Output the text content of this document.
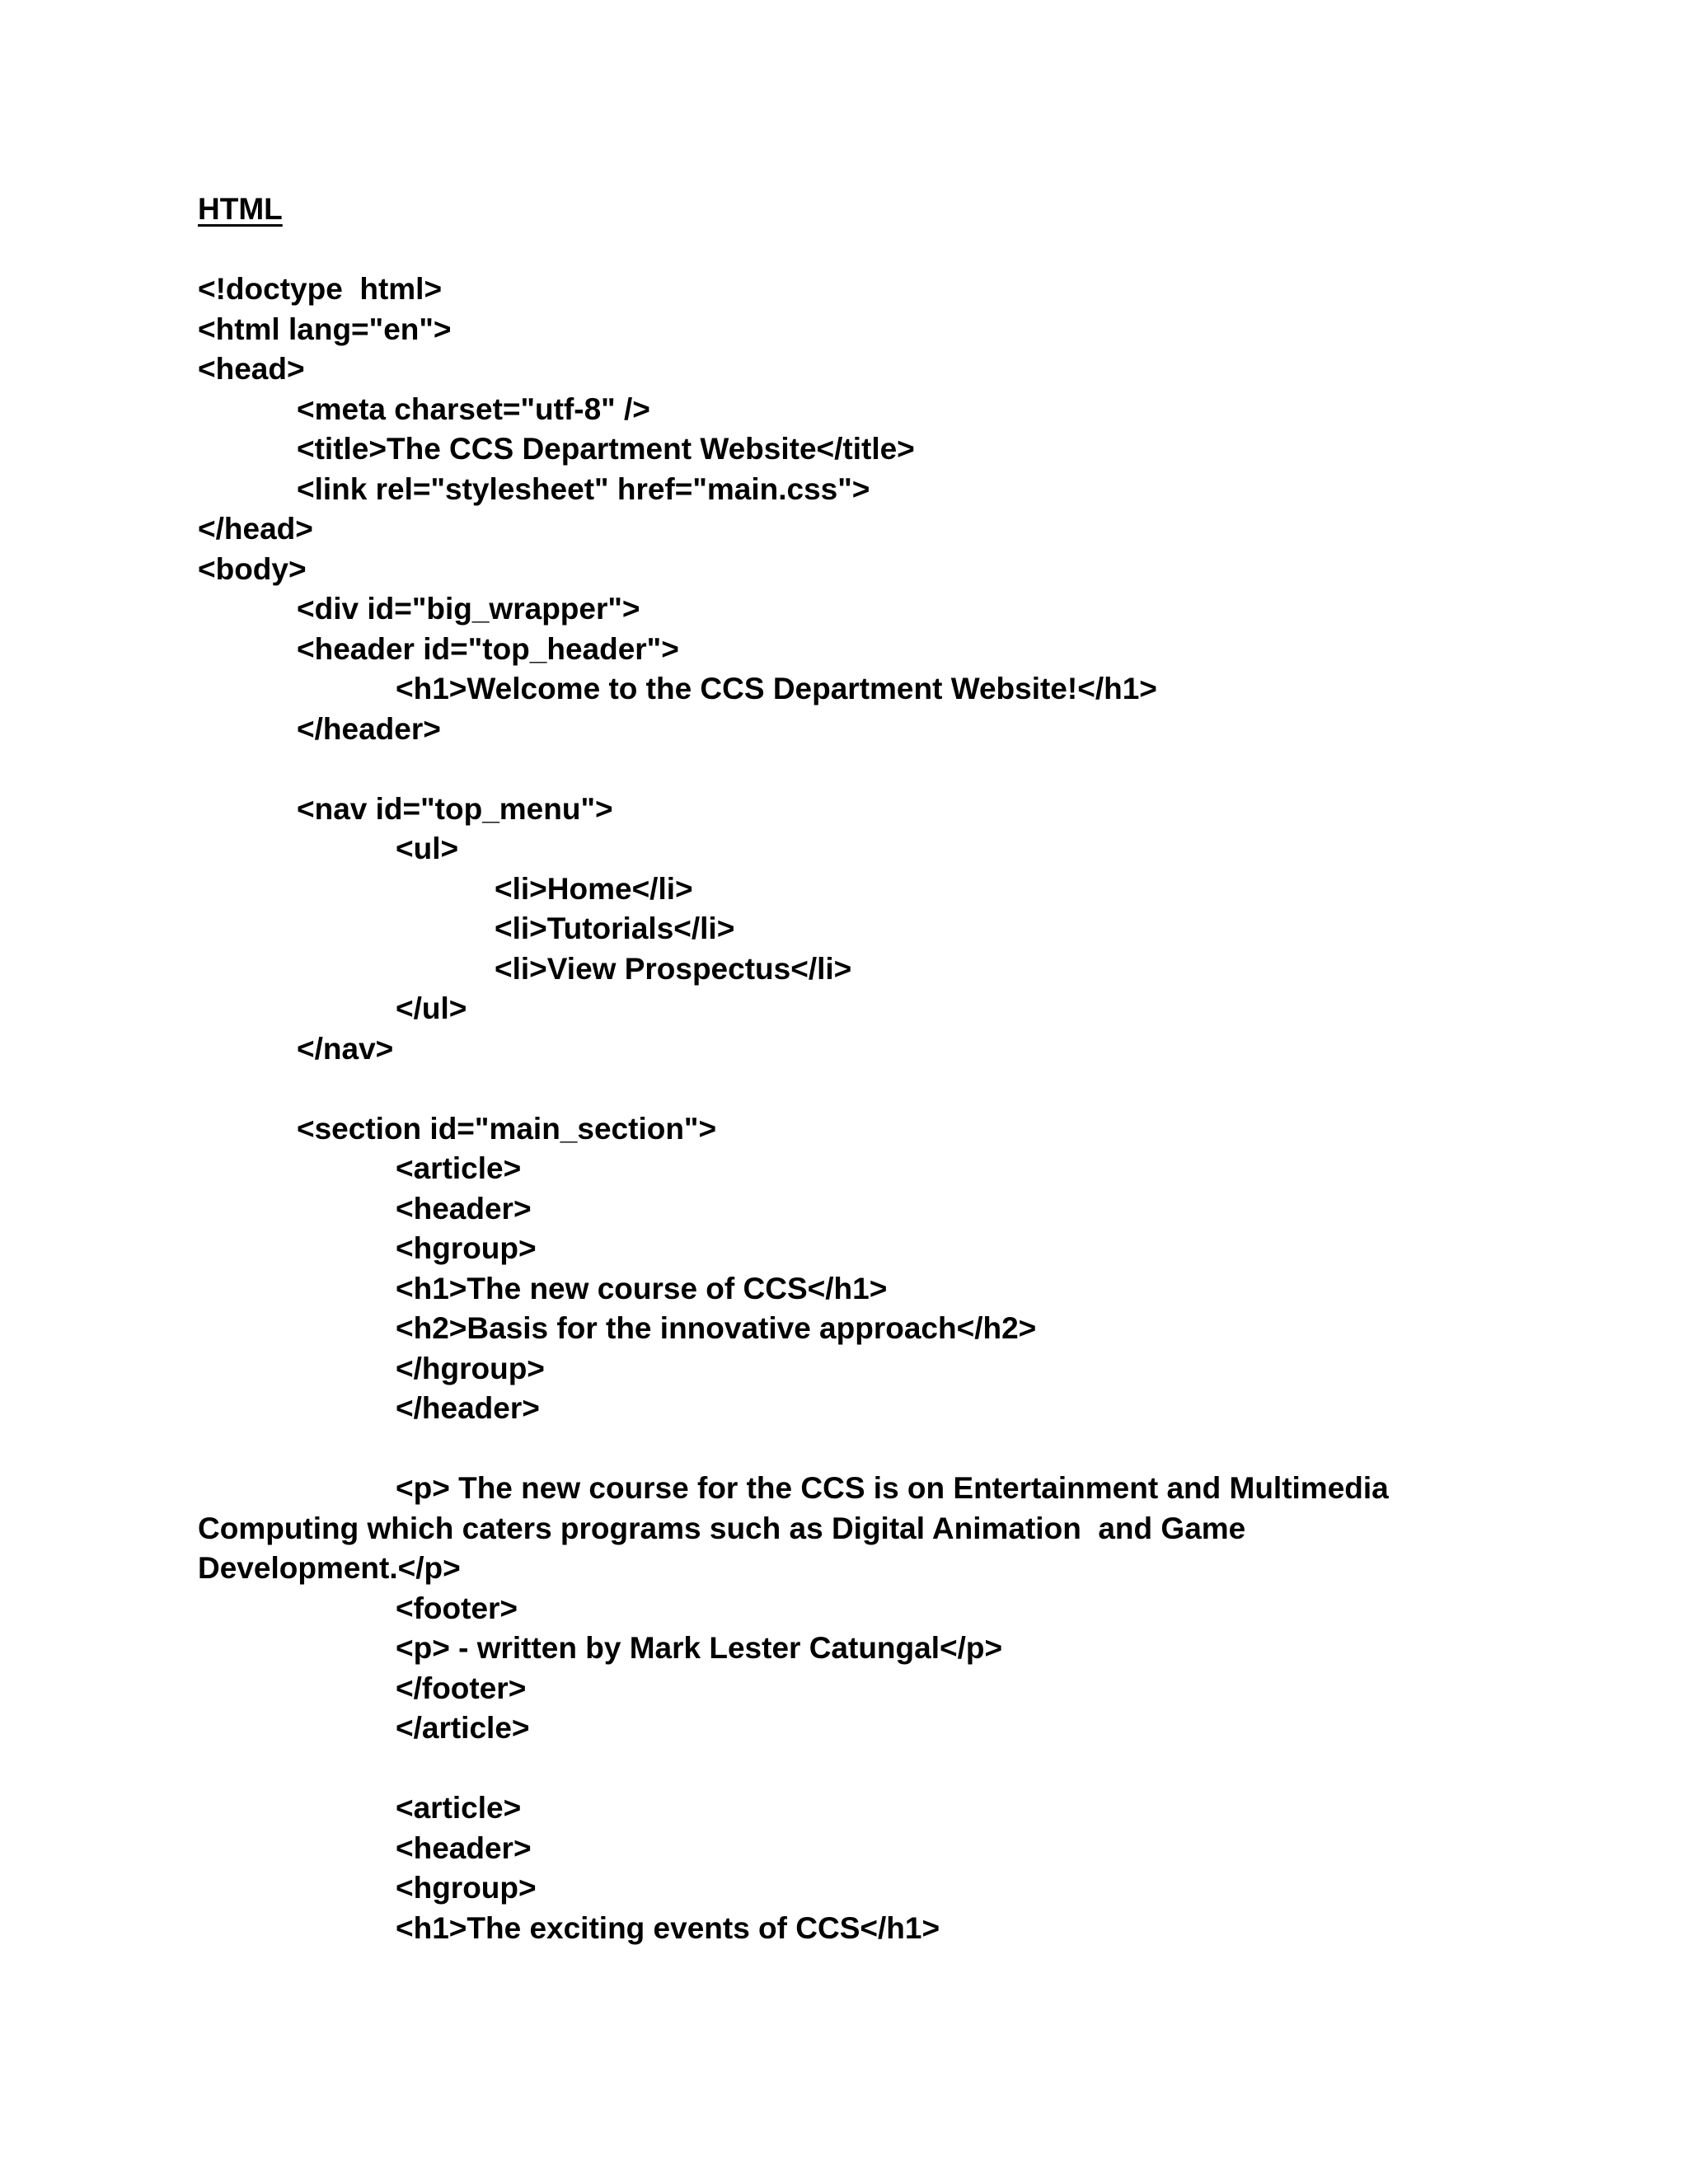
HTML
<!doctype  html>
<html lang="en">
<head>
<meta charset="utf-8" />
<title>The CCS Department Website</title>
<link rel="stylesheet" href="main.css">
</head>
<body>
<div id="big_wrapper">
<header id="top_header">
<h1>Welcome to the CCS Department Website!</h1>
</header>
<nav id="top_menu">
<ul>
<li>Home</li>
<li>Tutorials</li>
<li>View Prospectus</li>
</ul>
</nav>
<section id="main_section">
<article>
<header>
<hgroup>
<h1>The new course of CCS</h1>
<h2>Basis for the innovative approach</h2>
</hgroup>
</header>
<p> The new course for the CCS is on Entertainment and Multimedia
Computing which caters programs such as Digital Animation  and Game
Development.</p>
<footer>
<p> - written by Mark Lester Catungal</p>
</footer>
</article>
<article>
<header>
<hgroup>
<h1>The exciting events of CCS</h1>
